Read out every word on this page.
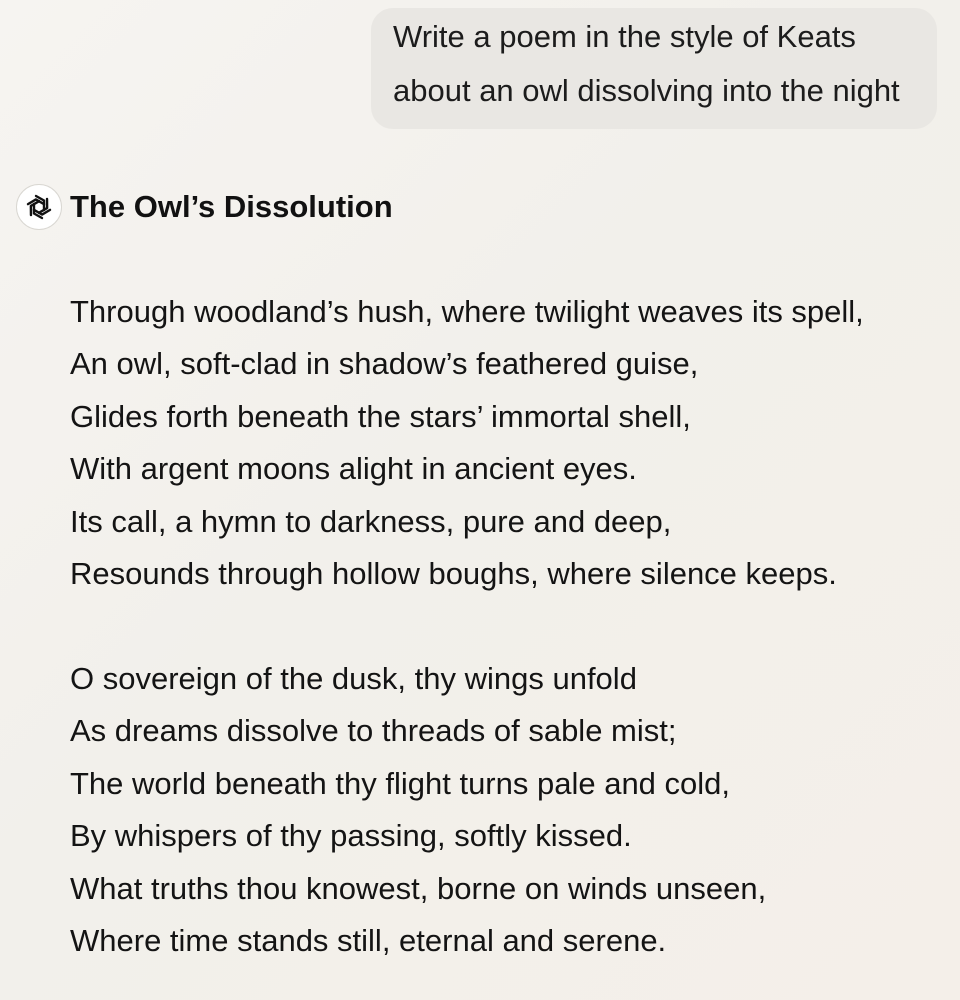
Write a poem in the style of Keats
about an owl dissolving into the night
The Owl’s Dissolution
Through woodland’s hush, where twilight weaves its spell,
An owl, soft-clad in shadow’s feathered guise,
Glides forth beneath the stars’ immortal shell,
With argent moons alight in ancient eyes.
Its call, a hymn to darkness, pure and deep,
Resounds through hollow boughs, where silence keeps.
O sovereign of the dusk, thy wings unfold
As dreams dissolve to threads of sable mist;
The world beneath thy flight turns pale and cold,
By whispers of thy passing, softly kissed.
What truths thou knowest, borne on winds unseen,
Where time stands still, eternal and serene.
